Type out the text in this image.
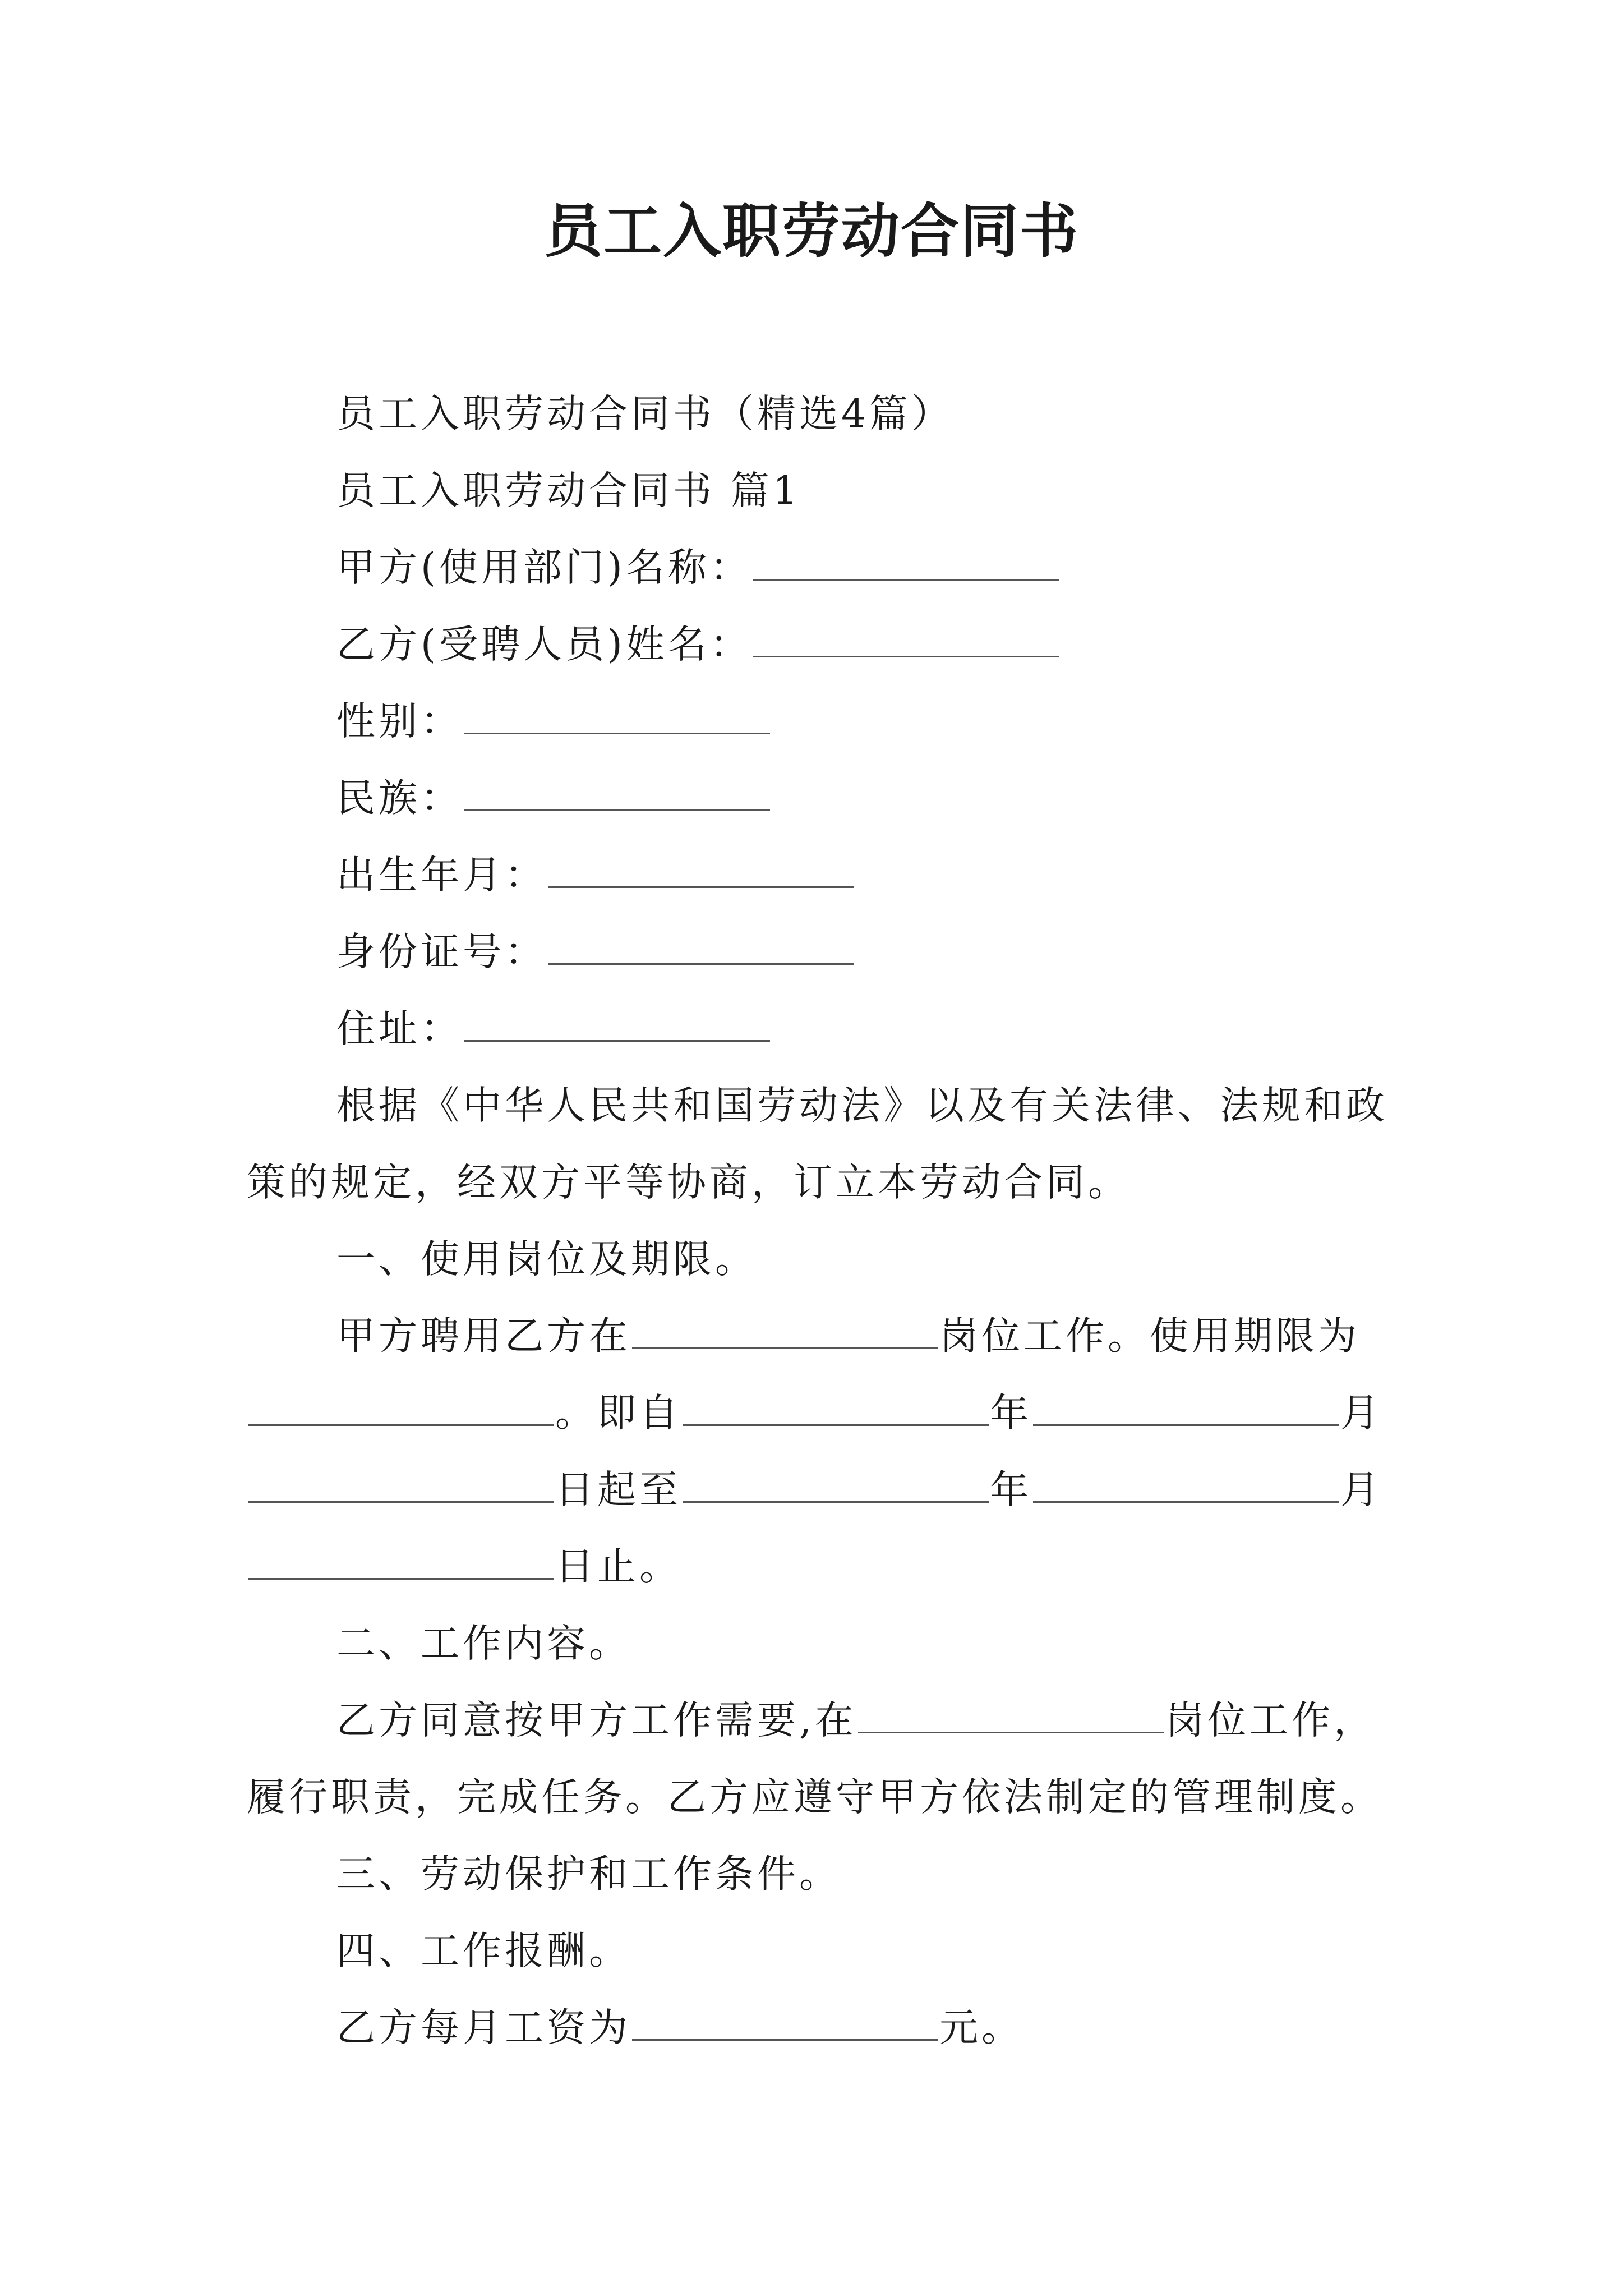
员工入职劳动合同书

员工入职劳动合同书（精选4篇）

员工入职劳动合同书 篇1

甲方(使用部门)名称：

乙方(受聘人员)姓名：

性别：

民族：

出生年月：

身份证号：

住址：

根据《中华人民共和国劳动法》以及有关法律、法规和政策的规定，经双方平等协商，订立本劳动合同。

一、使用岗位及期限。

甲方聘用乙方在	岗位工作。使用期限为。即自	年	月日起至	年	月日止。

二、工作内容。

乙方同意按甲方工作需要,在	岗位工作，履行职责，完成任务。乙方应遵守甲方依法制定的管理制度。

三、劳动保护和工作条件。

四、工作报酬。

乙方每月工资为	元。
